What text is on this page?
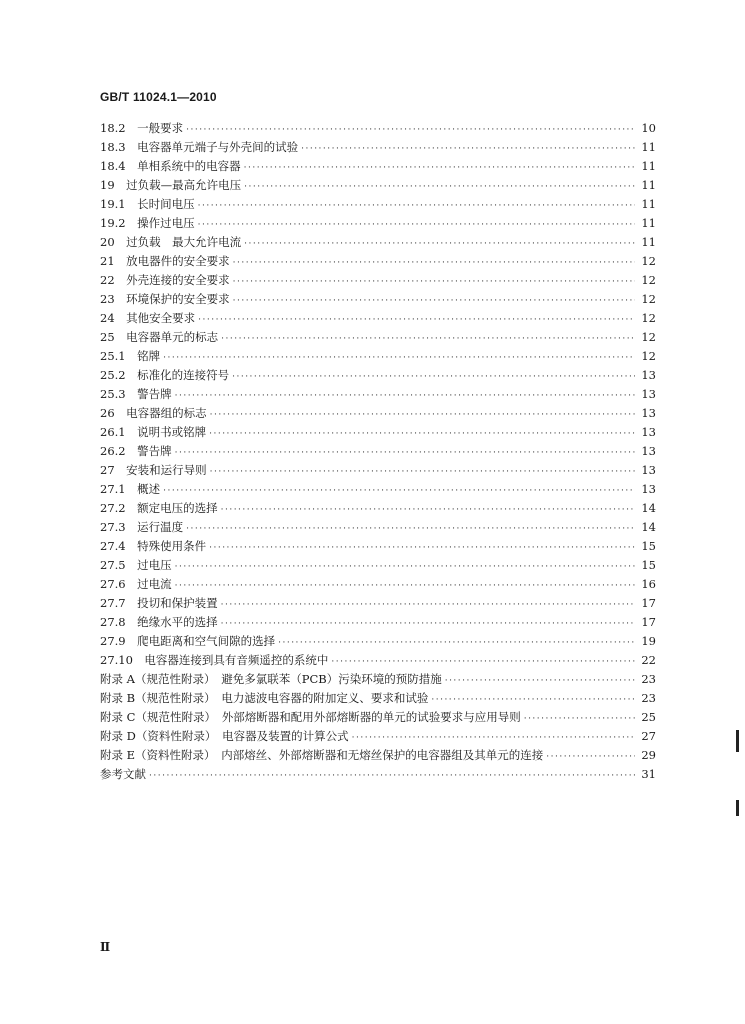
GB/T 11024.1—2010
18.2　一般要求 ·····	10
18.3　电容器单元端子与外壳间的试验 ·····	11
18.4　单相系统中的电容器 ·····	11
19　过负载—最高允许电压 ·····	11
19.1　长时间电压 ·····	11
19.2　操作过电压 ·····	11
20　过负载　最大允许电流 ·····	11
21　放电器件的安全要求 ·····	12
22　外壳连接的安全要求 ·····	12
23　环境保护的安全要求 ·····	12
24　其他安全要求 ·····	12
25　电容器单元的标志 ·····	12
25.1　铭牌 ·····	12
25.2　标准化的连接符号 ·····	13
25.3　警告牌 ·····	13
26　电容器组的标志 ·····	13
26.1　说明书或铭牌 ·····	13
26.2　警告牌 ·····	13
27　安装和运行导则 ·····	13
27.1　概述 ·····	13
27.2　额定电压的选择 ·····	14
27.3　运行温度 ·····	14
27.4　特殊使用条件 ·····	15
27.5　过电压 ·····	15
27.6　过电流 ·····	16
27.7　投切和保护装置 ·····	17
27.8　绝缘水平的选择 ·····	17
27.9　爬电距离和空气间隙的选择 ·····	19
27.10　电容器连接到具有音频遥控的系统中 ·····	22
附录 A（规范性附录）　避免多氯联苯（PCB）污染环境的预防措施 ·····	23
附录 B（规范性附录）　电力滤波电容器的附加定义、要求和试验 ·····	23
附录 C（规范性附录）　外部熔断器和配用外部熔断器的单元的试验要求与应用导则 ·····	25
附录 D（资料性附录）　电容器及装置的计算公式 ·····	27
附录 E（资料性附录）　内部熔丝、外部熔断器和无熔丝保护的电容器组及其单元的连接 ·····	29
参考文献 ·····	31
Ⅱ
